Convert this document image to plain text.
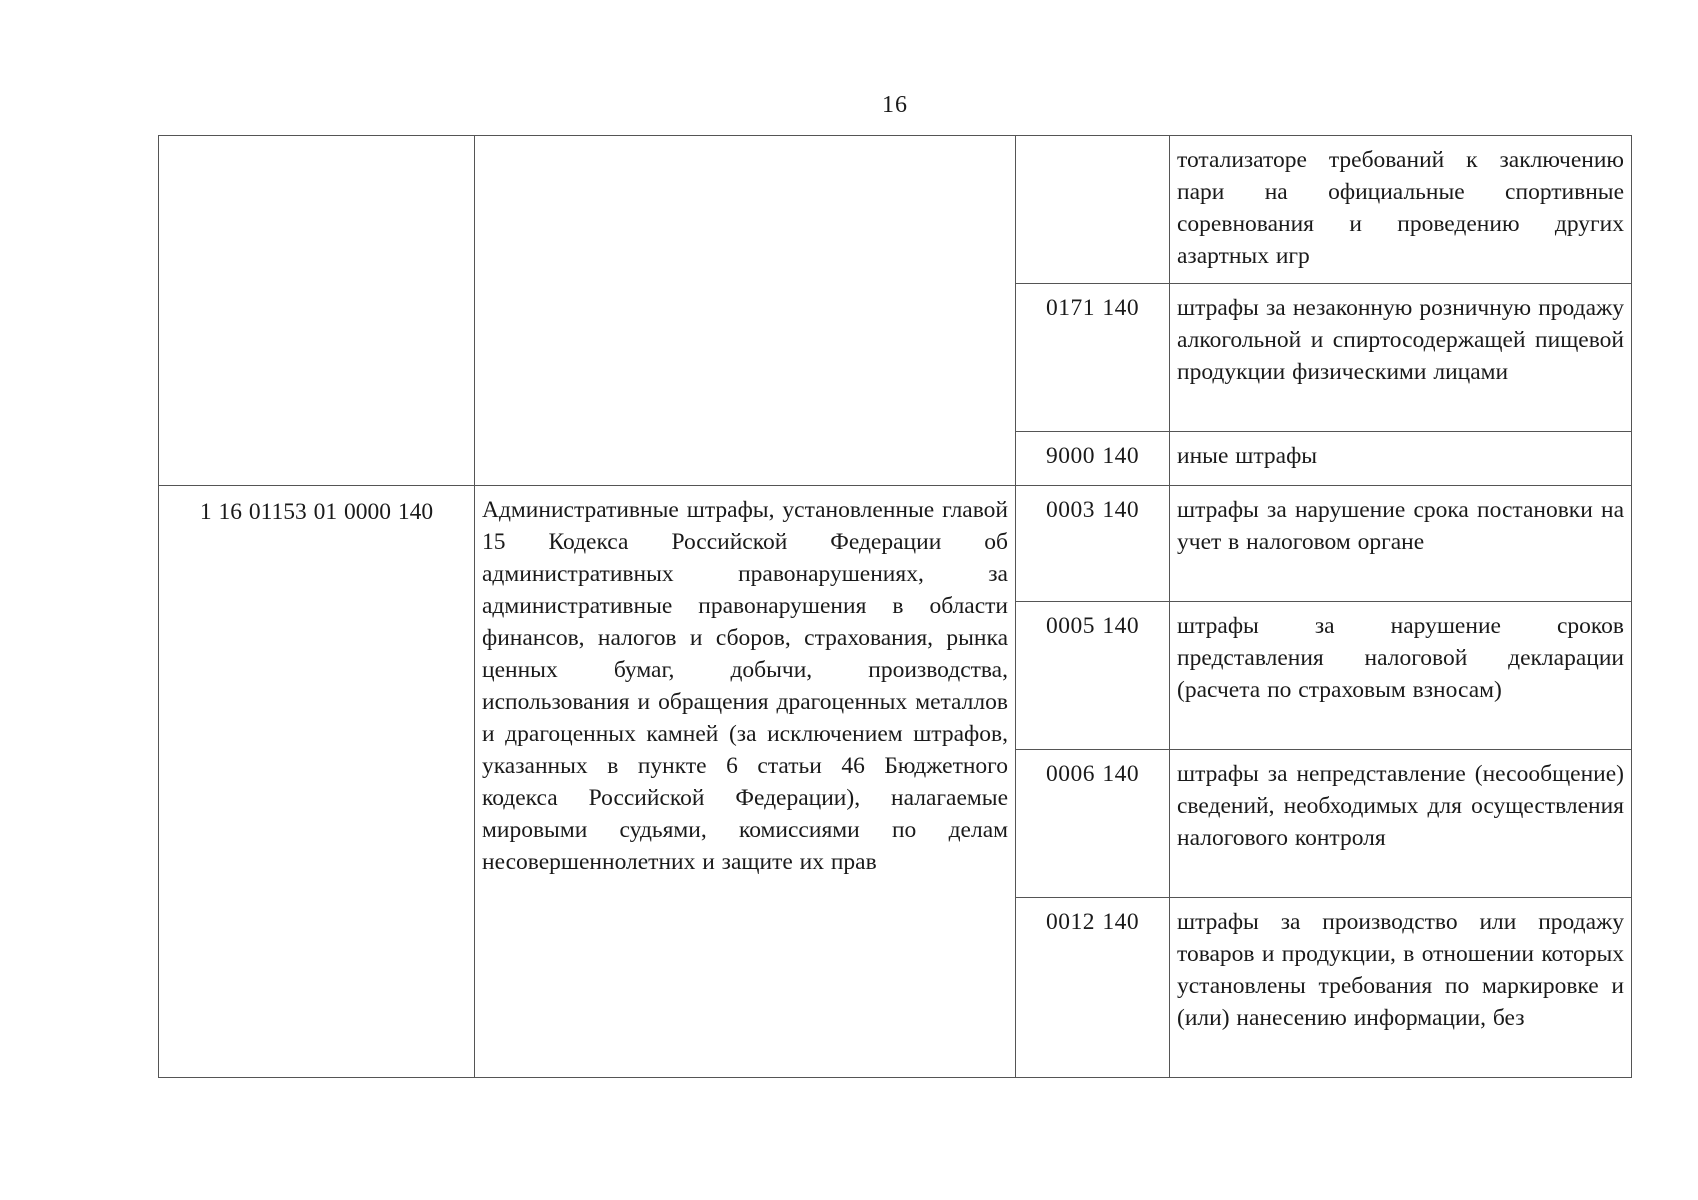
16
			тотализаторе требований к заключению пари на официальные спортивные соревнования и проведению других азартных игр
		0171 140	штрафы за незаконную розничную продажу алкогольной и спиртосодержащей пищевой продукции физическими лицами
		9000 140	иные штрафы
1 16 01153 01 0000 140	Административные штрафы, установленные главой 15 Кодекса Российской Федерации об административных правонарушениях, за административные правонарушения в области финансов, налогов и сборов, страхования, рынка ценных бумаг, добычи, производства, использования и обращения драгоценных металлов и драгоценных камней (за исключением штрафов, указанных в пункте 6 статьи 46 Бюджетного кодекса Российской Федерации), налагаемые мировыми судьями, комиссиями по делам несовершеннолетних и защите их прав	0003 140	штрафы за нарушение срока постановки на учет в налоговом органе
		0005 140	штрафы за нарушение сроков представления налоговой декларации (расчета по страховым взносам)
		0006 140	штрафы за непредставление (несообщение) сведений, необходимых для осуществления налогового контроля
		0012 140	штрафы за производство или продажу товаров и продукции, в отношении которых установлены требования по маркировке и (или) нанесению информации, без
